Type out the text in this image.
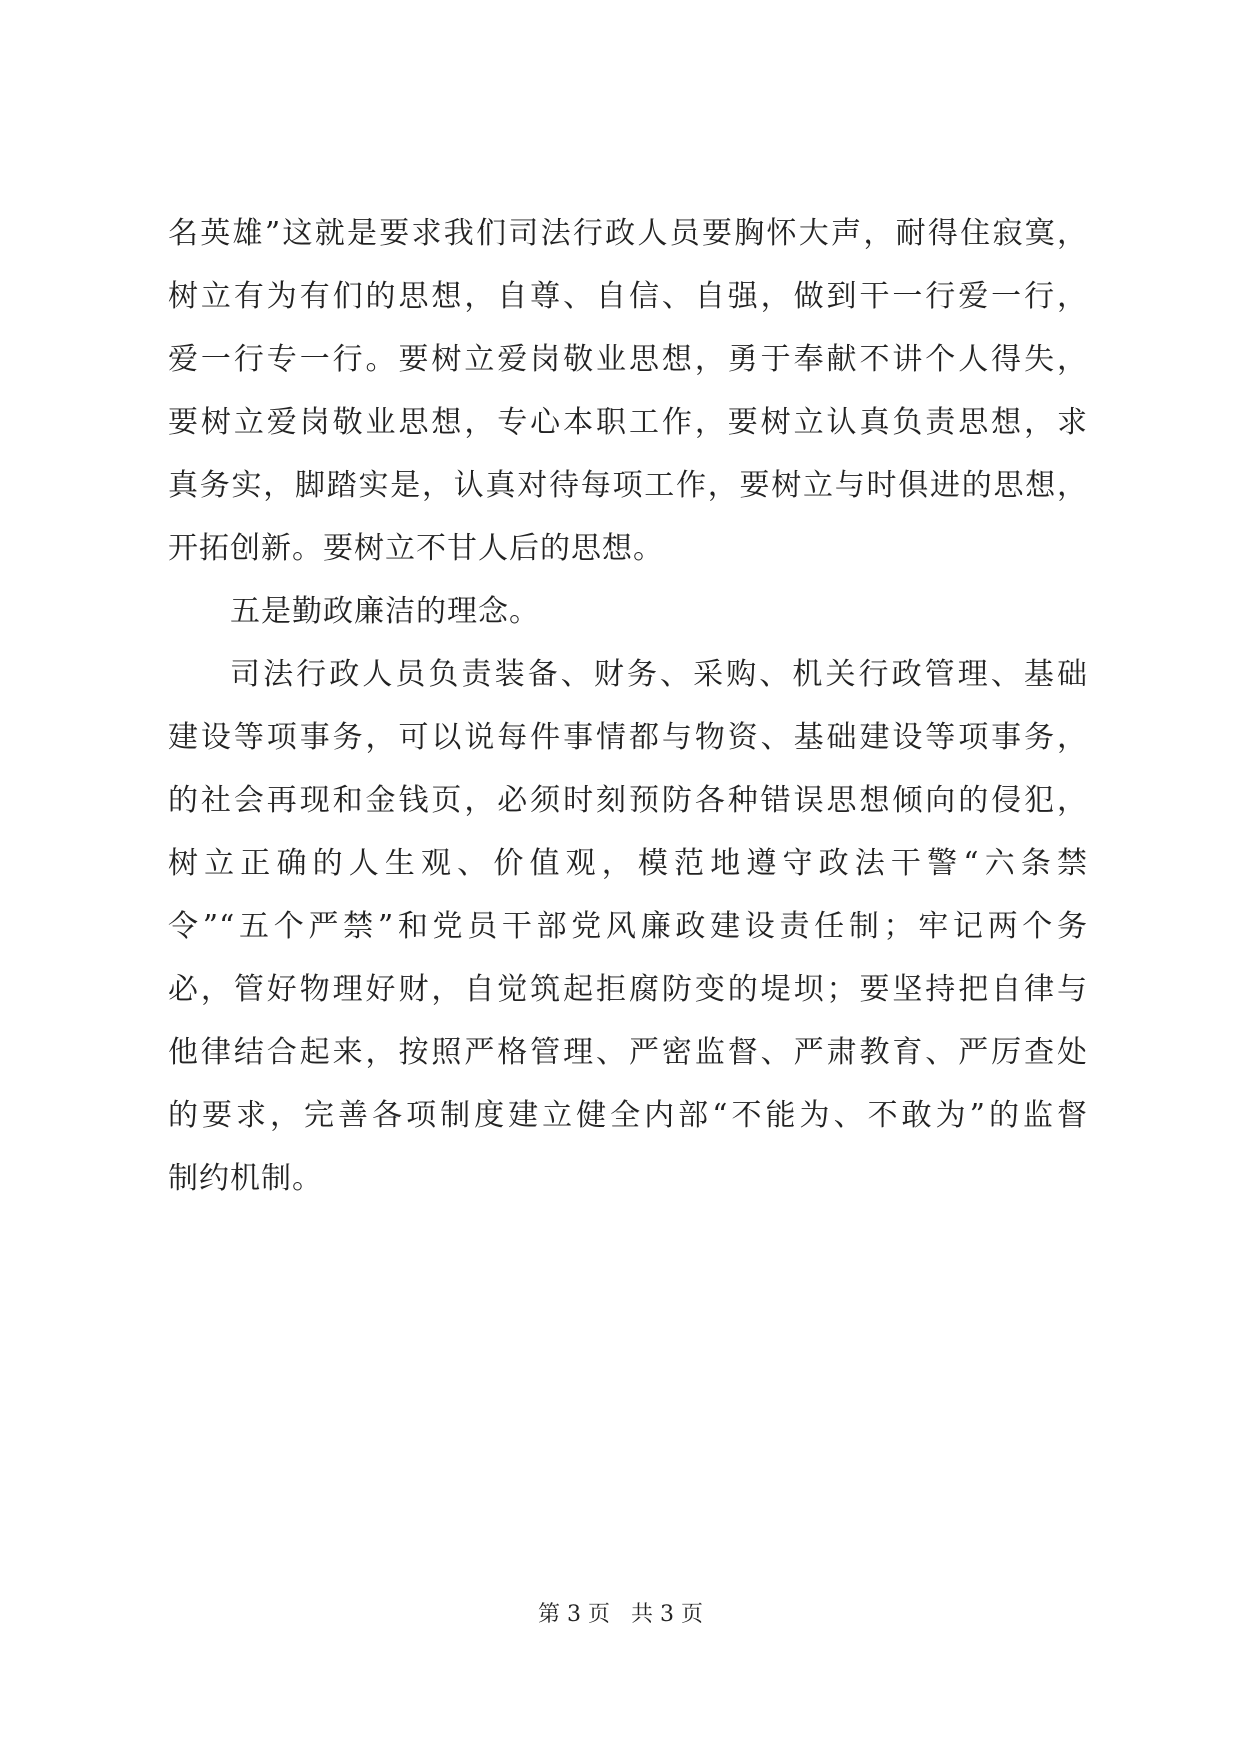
名英雄”这就是要求我们司法行政人员要胸怀大声，耐得住寂寞，
树立有为有们的思想，自尊、自信、自强，做到干一行爱一行，
爱一行专一行。要树立爱岗敬业思想，勇于奉献不讲个人得失，
要树立爱岗敬业思想，专心本职工作，要树立认真负责思想，求
真务实，脚踏实是，认真对待每项工作，要树立与时俱进的思想，
开拓创新。要树立不甘人后的思想。
五是勤政廉洁的理念。
司法行政人员负责装备、财务、采购、机关行政管理、基础
建设等项事务，可以说每件事情都与物资、基础建设等项事务，
的社会再现和金钱页，必须时刻预防各种错误思想倾向的侵犯，
树立正确的人生观、价值观，模范地遵守政法干警“六条禁
令”“五个严禁”和党员干部党风廉政建设责任制；牢记两个务
必，管好物理好财，自觉筑起拒腐防变的堤坝；要坚持把自律与
他律结合起来，按照严格管理、严密监督、严肃教育、严厉查处
的要求，完善各项制度建立健全内部“不能为、不敢为”的监督
制约机制。
第 3 页   共 3 页
